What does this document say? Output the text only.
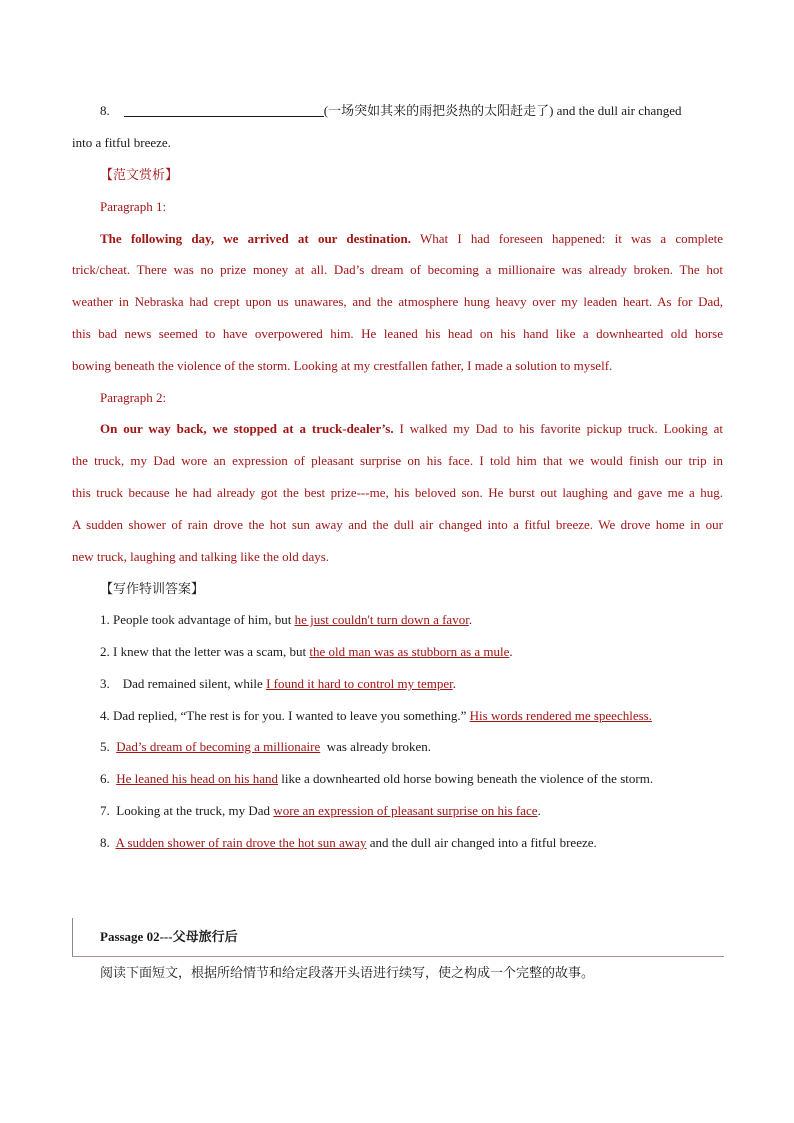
8.	(一场突如其来的雨把炎热的太阳赶走了) and the dull air changed
into a fitful breeze.
【范文赏析】
Paragraph 1:
The following day, we arrived at our destination. What I had foreseen happened: it was a complete
trick/cheat. There was no prize money at all. Dad’s dream of becoming a millionaire was already broken. The hot
weather in Nebraska had crept upon us unawares, and the atmosphere hung heavy over my leaden heart. As for Dad,
this bad news seemed to have overpowered him. He leaned his head on his hand like a downhearted old horse
bowing beneath the violence of the storm. Looking at my crestfallen father, I made a solution to myself.
Paragraph 2:
On our way back, we stopped at a truck-dealer’s. I walked my Dad to his favorite pickup truck. Looking at
the truck, my Dad wore an expression of pleasant surprise on his face. I told him that we would finish our trip in
this truck because he had already got the best prize---me, his beloved son. He burst out laughing and gave me a hug.
A sudden shower of rain drove the hot sun away and the dull air changed into a fitful breeze. We drove home in our
new truck, laughing and talking like the old days.
【写作特训答案】
1. People took advantage of him, but he just couldn't turn down a favor.
2. I knew that the letter was a scam, but the old man was as stubborn as a mule.
3.    Dad remained silent, while I found it hard to control my temper.
4. Dad replied, “The rest is for you. I wanted to leave you something.” His words rendered me speechless.
5.  Dad’s dream of becoming a millionaire  was already broken.
6.  He leaned his head on his hand like a downhearted old horse bowing beneath the violence of the storm.
7.  Looking at the truck, my Dad wore an expression of pleasant surprise on his face.
8.  A sudden shower of rain drove the hot sun away and the dull air changed into a fitful breeze.
Passage 02---父母旅行后
阅读下面短文，根据所给情节和给定段落开头语进行续写，使之构成一个完整的故事。
